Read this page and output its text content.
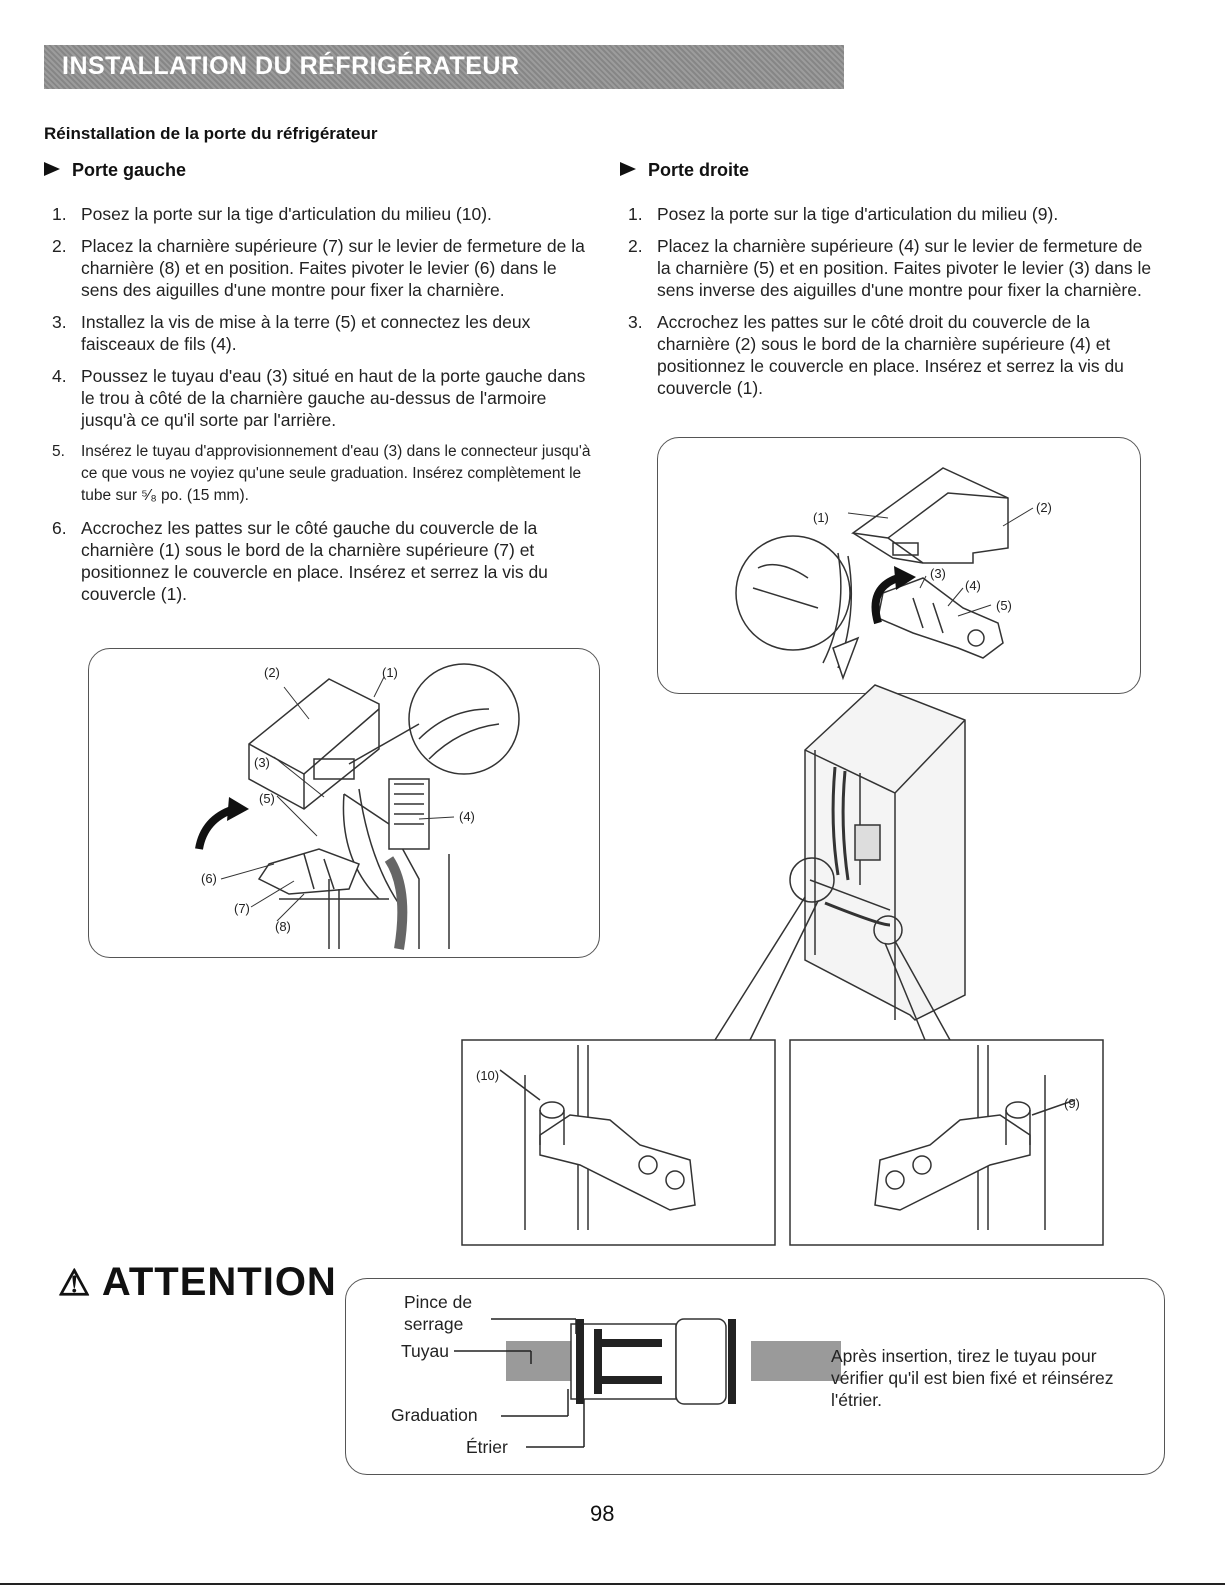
INSTALLATION DU RÉFRIGÉRATEUR
Réinstallation de la porte du réfrigérateur
Porte gauche
1. Posez la porte sur la tige d'articulation du milieu (10).
2. Placez la charnière supérieure (7) sur le levier de fermeture de la charnière (8) et en position. Faites pivoter le levier (6) dans le sens des aiguilles d'une montre pour fixer la charnière.
3. Installez la vis de mise à la terre (5) et connectez les deux faisceaux de fils (4).
4. Poussez le tuyau d'eau (3) situé en haut de la porte gauche dans le trou à côté de la charnière gauche au-dessus de l'armoire jusqu'à ce qu'il sorte par l'arrière.
5. Insérez le tuyau d'approvisionnement d'eau (3) dans le connecteur jusqu'à ce que vous ne voyiez qu'une seule graduation. Insérez complètement le tube sur ⁵⁄₈ po. (15 mm).
6. Accrochez les pattes sur le côté gauche du couvercle de la charnière (1) sous le bord de la charnière supérieure (7) et positionnez le couvercle en place. Insérez et serrez la vis du couvercle (1).
Porte droite
1. Posez la porte sur la tige d'articulation du milieu (9).
2. Placez la charnière supérieure (4) sur le levier de fermeture de la charnière (5) et en position. Faites pivoter le levier (3) dans le sens inverse des aiguilles d'une montre pour fixer la charnière.
3. Accrochez les pattes sur le côté droit du couvercle de la charnière (2) sous le bord de la charnière supérieure (4) et positionnez le couvercle en place. Insérez et serrez la vis du couvercle (1).
(2)	(1)
(3)
(5)
(4)
(6)
(7)
(8)
(1)
(2)
(3)
(4)
(5)
(10)
(9)
⚠ ATTENTION	Pince de serrage
Tuyau
Graduation
Étrier
Après insertion, tirez le tuyau pour vérifier qu'il est bien fixé et réinsérez l'étrier.
98
